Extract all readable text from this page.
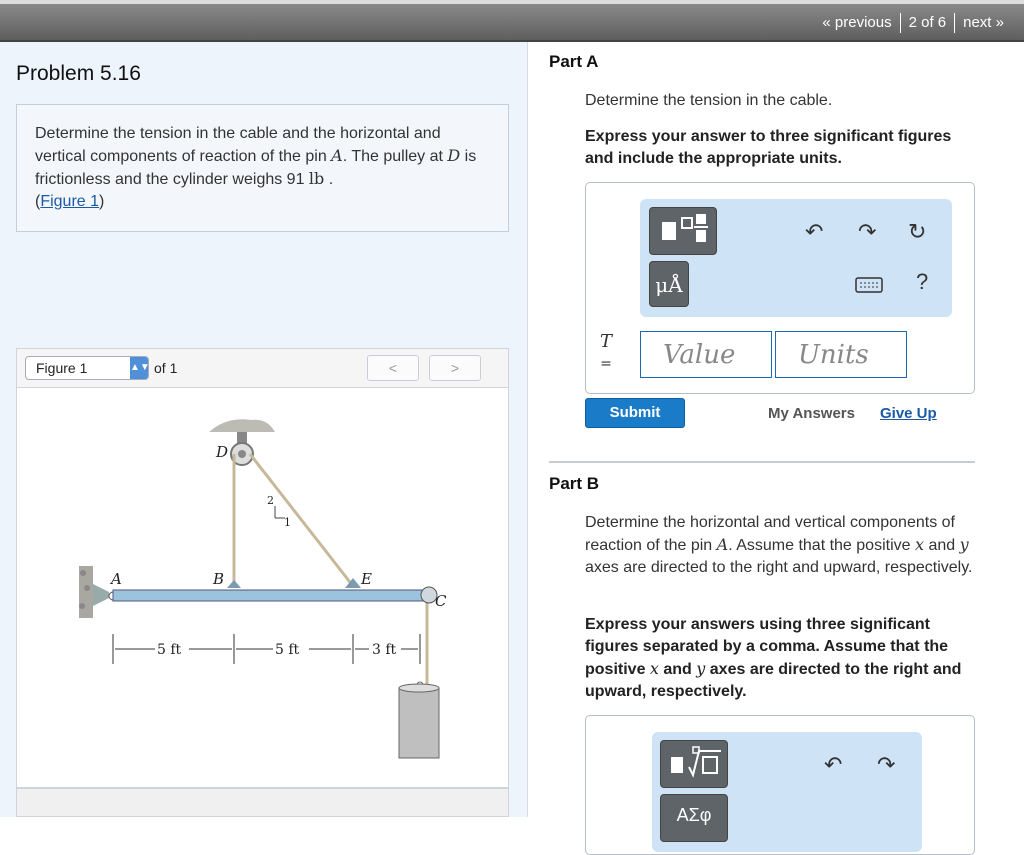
« previous	2 of 6	next »
Problem 5.16
Determine the tension in the cable and the horizontal and vertical components of reaction of the pin A. The pulley at D is frictionless and the cylinder weighs 91 lb .
(Figure 1)
Figure 1	▲▼ of 1	<	>
A	B
C
D
E
2
1
5 ft	5 ft	3 ft
Part A
Determine the tension in the cable.
Express your answer to three significant figures and include the appropriate units.
μÅ
↶ ↷ ↻
?
T
=	Value	Units
Submit	My Answers Give Up
Part B
Determine the horizontal and vertical components of reaction of the pin A. Assume that the positive x and y axes are directed to the right and upward, respectively.
Express your answers using three significant figures separated by a comma. Assume that the positive x and y axes are directed to the right and upward, respectively.
ΑΣφ
↶ ↷
